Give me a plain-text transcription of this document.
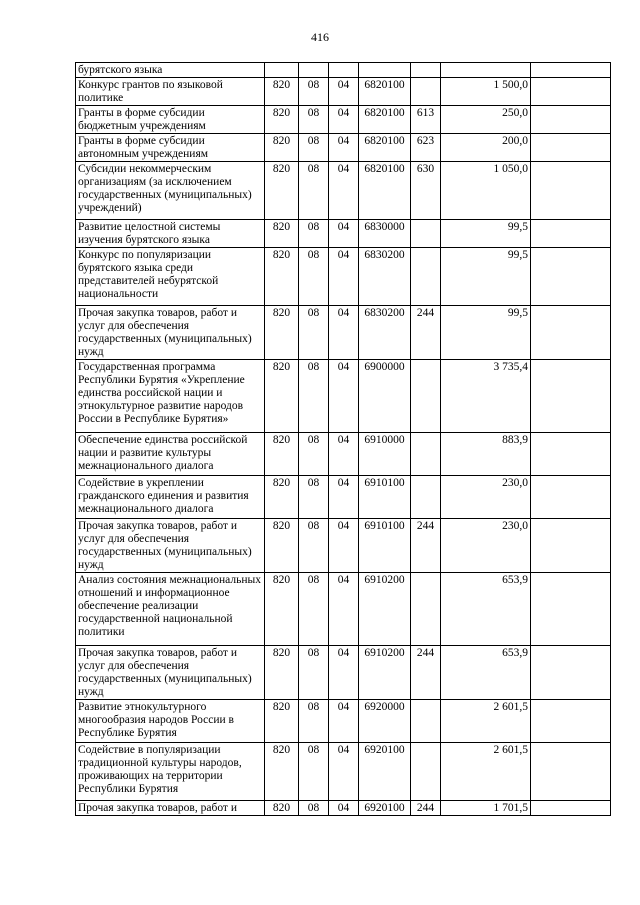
416
бурятского языка							
Конкурс грантов по языковой политике	820	08	04	6820100		1 500,0	
Гранты в форме субсидии бюджетным учреждениям	820	08	04	6820100	613	250,0	
Гранты в форме субсидии автономным учреждениям	820	08	04	6820100	623	200,0	
Субсидии некоммерческим организациям (за исключением государственных (муниципальных) учреждений)	820	08	04	6820100	630	1 050,0	
Развитие целостной системы изучения бурятского языка	820	08	04	6830000		99,5	
Конкурс по популяризации бурятского языка среди представителей небурятской национальности	820	08	04	6830200		99,5	
Прочая закупка товаров, работ и услуг для обеспечения государственных (муниципальных) нужд	820	08	04	6830200	244	99,5	
Государственная программа Республики Бурятия «Укрепление единства российской нации и этнокультурное развитие народов России в Республике Бурятия»	820	08	04	6900000		3 735,4	
Обеспечение единства российской нации и развитие культуры межнационального диалога	820	08	04	6910000		883,9	
Содействие в укреплении гражданского единения и развития межнационального диалога	820	08	04	6910100		230,0	
Прочая закупка товаров, работ и услуг для обеспечения государственных (муниципальных) нужд	820	08	04	6910100	244	230,0	
Анализ состояния межнациональных отношений и информационное обеспечение реализации государственной национальной политики	820	08	04	6910200		653,9	
Прочая закупка товаров, работ и услуг для обеспечения государственных (муниципальных) нужд	820	08	04	6910200	244	653,9	
Развитие этнокультурного многообразия народов России в Республике Бурятия	820	08	04	6920000		2 601,5	
Содействие в популяризации традиционной культуры народов, проживающих на территории Республики Бурятия	820	08	04	6920100		2 601,5	
Прочая закупка товаров, работ и	820	08	04	6920100	244	1 701,5	
